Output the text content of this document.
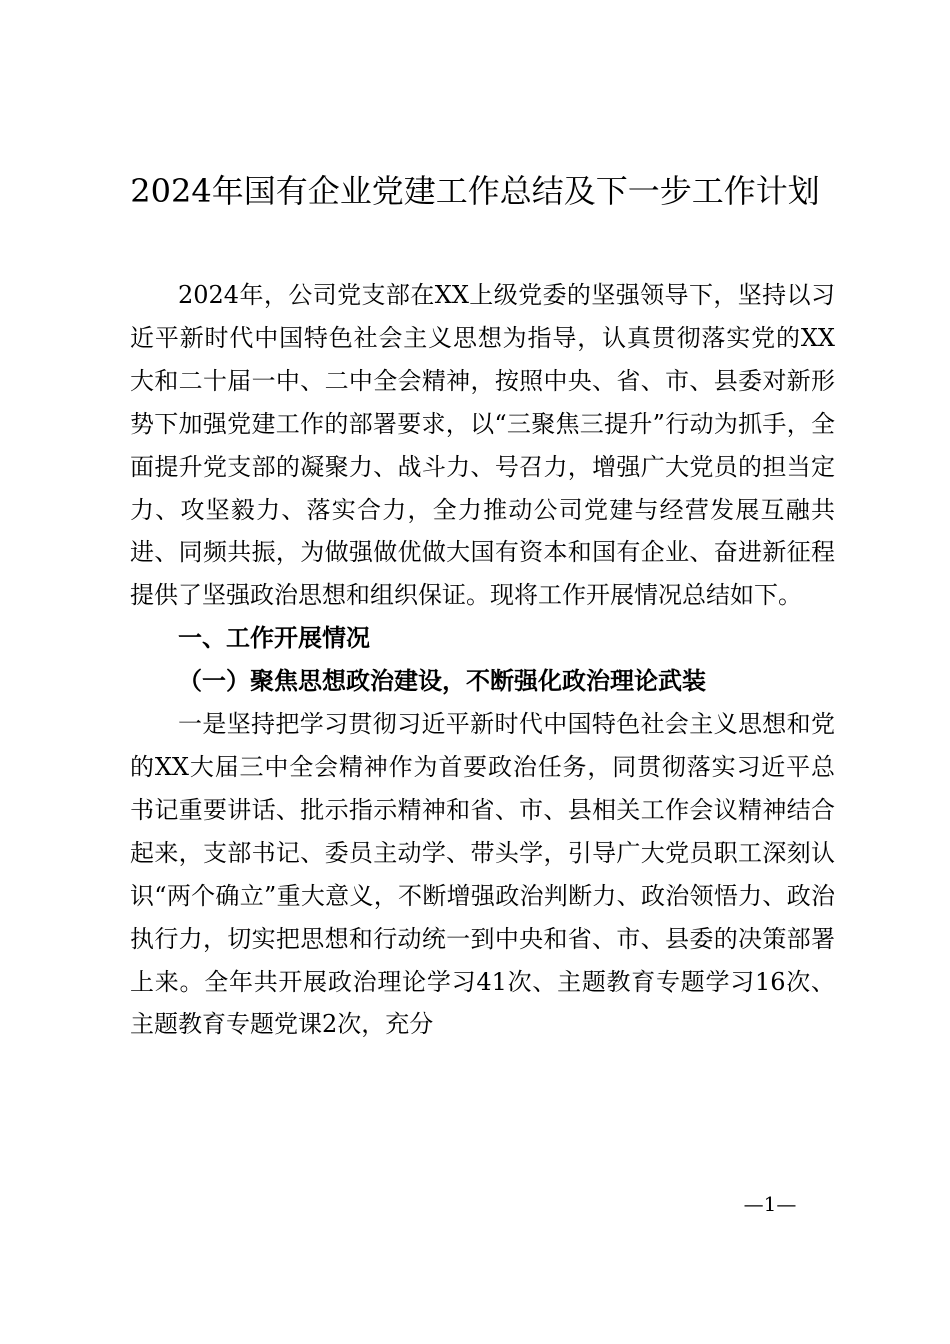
2024年国有企业党建工作总结及下一步工作计划

2024年，公司党支部在XX上级党委的坚强领导下，坚持以习近平新时代中国特色社会主义思想为指导，认真贯彻落实党的XX大和二十届一中、二中全会精神，按照中央、省、市、县委对新形势下加强党建工作的部署要求，以“三聚焦三提升”行动为抓手，全面提升党支部的凝聚力、战斗力、号召力，增强广大党员的担当定力、攻坚毅力、落实合力，全力推动公司党建与经营发展互融共进、同频共振，为做强做优做大国有资本和国有企业、奋进新征程提供了坚强政治思想和组织保证。现将工作开展情况总结如下。

一、工作开展情况

（一）聚焦思想政治建设，不断强化政治理论武装

一是坚持把学习贯彻习近平新时代中国特色社会主义思想和党的XX大届三中全会精神作为首要政治任务，同贯彻落实习近平总书记重要讲话、批示指示精神和省、市、县相关工作会议精神结合起来，支部书记、委员主动学、带头学，引导广大党员职工深刻认识“两个确立”重大意义，不断增强政治判断力、政治领悟力、政治执行力，切实把思想和行动统一到中央和省、市、县委的决策部署上来。全年共开展政治理论学习41次、主题教育专题学习16次、主题教育专题党课2次，充分

—1—
